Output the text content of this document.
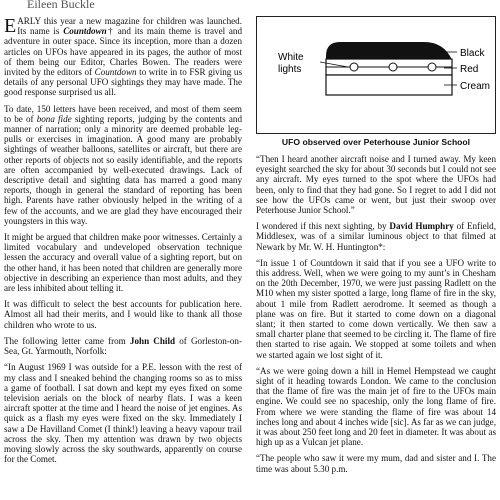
Eileen Buckle

EARLY this year a new magazine for children was launched. Its name is Countdown† and its main theme is travel and adventure in outer space. Since its inception, more than a dozen articles on UFOs have appeared in its pages, the author of most of them being our Editor, Charles Bowen. The readers were invited by the editors of Countdown to write in to FSR giving us details of any personal UFO sightings they may have made. The good response surprised us all.

To date, 150 letters have been received, and most of them seem to be of bona fide sighting reports, judging by the contents and manner of narration; only a minority are deemed probable leg-pulls or exercises in imagination. A good many are probably sightings of weather balloons, satellites or aircraft, but there are other reports of objects not so easily identifiable, and the reports are often accompanied by well-executed drawings. Lack of descriptive detail and sighting data has marred a good many reports, though in general the standard of reporting has been high. Parents have rather obviously helped in the writing of a few of the accounts, and we are glad they have encouraged their youngsters in this way.

It might be argued that children make poor witnesses. Certainly a limited vocabulary and undeveloped observation technique lessen the accuracy and overall value of a sighting report, but on the other hand, it has been noted that children are generally more objective in describing an experience than most adults, and they are less inhibited about telling it.

It was difficult to select the best accounts for publication here. Almost all had their merits, and I would like to thank all those children who wrote to us.

The following letter came from John Child of Gorleston-on-Sea, Gt. Yarmouth, Norfolk:

“In August 1969 I was outside for a P.E. lesson with the rest of my class and I sneaked behind the changing rooms so as to miss a game of football. I sat down and kept my eyes fixed on some television aerials on the block of nearby flats. I was a keen aircraft spotter at the time and I heard the noise of jet engines. As quick as a flash my eyes were fixed on the sky. Immediately I saw a De Havilland Comet (I think!) leaving a heavy vapour trail across the sky. Then my attention was drawn by two objects moving slowly across the sky southwards, apparently on course for the Comet.

White
lights
Black
Red
Cream
UFO observed over Peterhouse Junior School

“Then I heard another aircraft noise and I turned away. My keen eyesight searched the sky for about 30 seconds but I could not see any aircraft. My eyes turned to the spot where the UFOs had been, only to find that they had gone. So I regret to add I did not see how the UFOs came or went, but just their swoop over Peterhouse Junior School.”

I wondered if this next sighting, by David Humphry of Enfield, Middlesex, was of a similar luminous object to that filmed at Newark by Mr. W. H. Huntington*:

“In issue 1 of Countdown it said that if you see a UFO write to this address. Well, when we were going to my aunt’s in Chesham on the 20th December, 1970, we were just passing Radlett on the M10 when my sister spotted a large, long flame of fire in the sky, about 1 mile from Radlett aerodrome. It seemed as though a plane was on fire. But it started to come down on a diagonal slant; it then started to come down vertically. We then saw a small charter plane that seemed to be circling it. The flame of fire then started to rise again. We stopped at some toilets and when we started again we lost sight of it.

“As we were going down a hill in Hemel Hempstead we caught sight of it heading towards London. We came to the conclusion that the flame of fire was the main jet of fire to the UFOs main engine. We could see no spaceship, only the long flame of fire. From where we were standing the flame of fire was about 14 inches long and about 4 inches wide [sic]. As far as we can judge, it was about 250 feet long and 20 feet in diameter. It was about as high up as a Vulcan jet plane.

“The people who saw it were my mum, dad and sister and I. The time was about 5.30 p.m.
